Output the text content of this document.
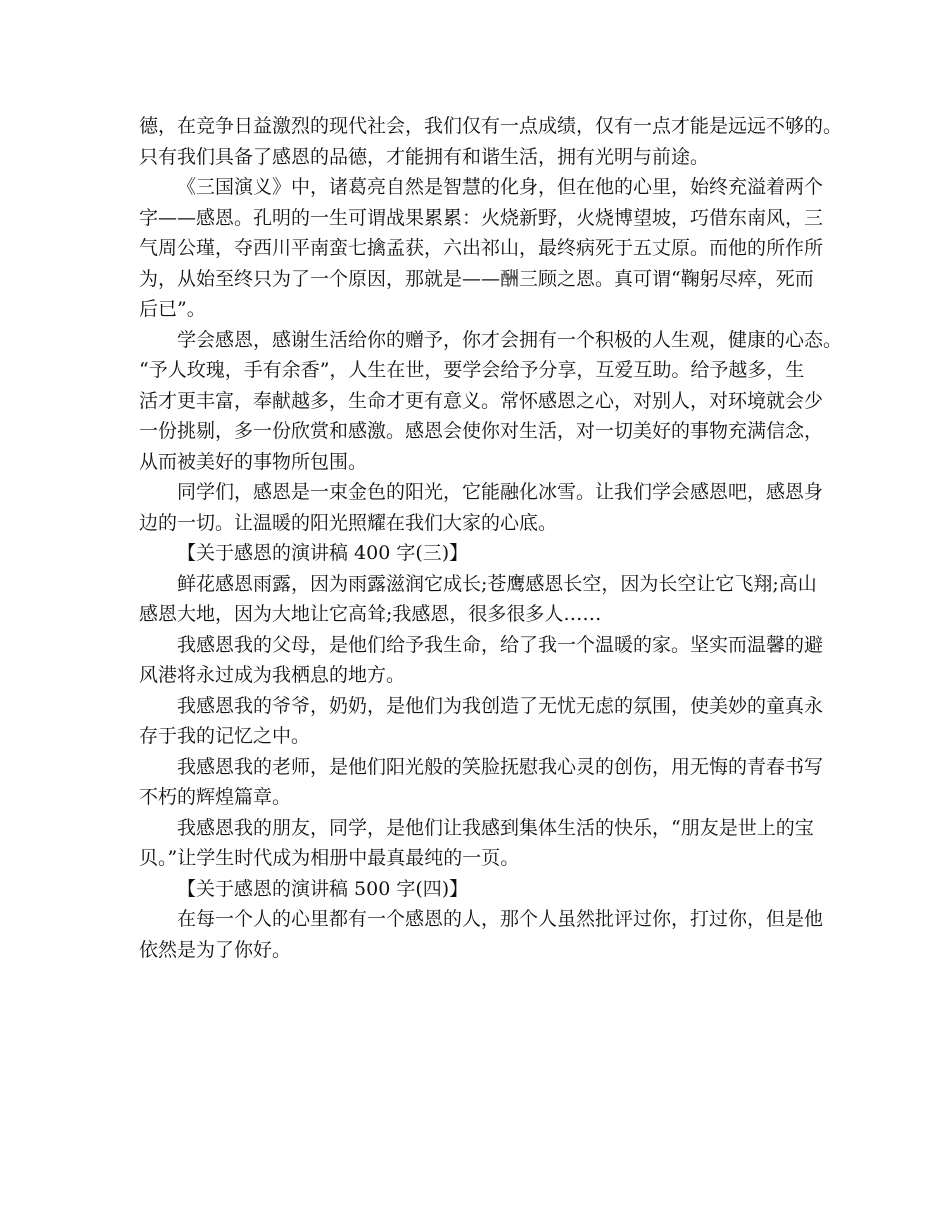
德，在竞争日益激烈的现代社会，我们仅有一点成绩，仅有一点才能是远远不够的。
只有我们具备了感恩的品德，才能拥有和谐生活，拥有光明与前途。
《三国演义》中，诸葛亮自然是智慧的化身，但在他的心里，始终充溢着两个
字——感恩。孔明的一生可谓战果累累：火烧新野，火烧博望坡，巧借东南风，三
气周公瑾，夺西川平南蛮七擒孟获，六出祁山，最终病死于五丈原。而他的所作所
为，从始至终只为了一个原因，那就是——酬三顾之恩。真可谓“鞠躬尽瘁，死而
后已”。
学会感恩，感谢生活给你的赠予，你才会拥有一个积极的人生观，健康的心态。
“予人玫瑰，手有余香”，人生在世，要学会给予分享，互爱互助。给予越多，生
活才更丰富，奉献越多，生命才更有意义。常怀感恩之心，对别人，对环境就会少
一份挑剔，多一份欣赏和感激。感恩会使你对生活，对一切美好的事物充满信念，
从而被美好的事物所包围。
同学们，感恩是一束金色的阳光，它能融化冰雪。让我们学会感恩吧，感恩身
边的一切。让温暖的阳光照耀在我们大家的心底。
【关于感恩的演讲稿 400 字(三)】
鲜花感恩雨露，因为雨露滋润它成长;苍鹰感恩长空，因为长空让它飞翔;高山
感恩大地，因为大地让它高耸;我感恩，很多很多人……
我感恩我的父母，是他们给予我生命，给了我一个温暖的家。坚实而温馨的避
风港将永过成为我栖息的地方。
我感恩我的爷爷，奶奶，是他们为我创造了无忧无虑的氛围，使美妙的童真永
存于我的记忆之中。
我感恩我的老师，是他们阳光般的笑脸抚慰我心灵的创伤，用无悔的青春书写
不朽的辉煌篇章。
我感恩我的朋友，同学，是他们让我感到集体生活的快乐，“朋友是世上的宝
贝。”让学生时代成为相册中最真最纯的一页。
【关于感恩的演讲稿 500 字(四)】
在每一个人的心里都有一个感恩的人，那个人虽然批评过你，打过你，但是他
依然是为了你好。
